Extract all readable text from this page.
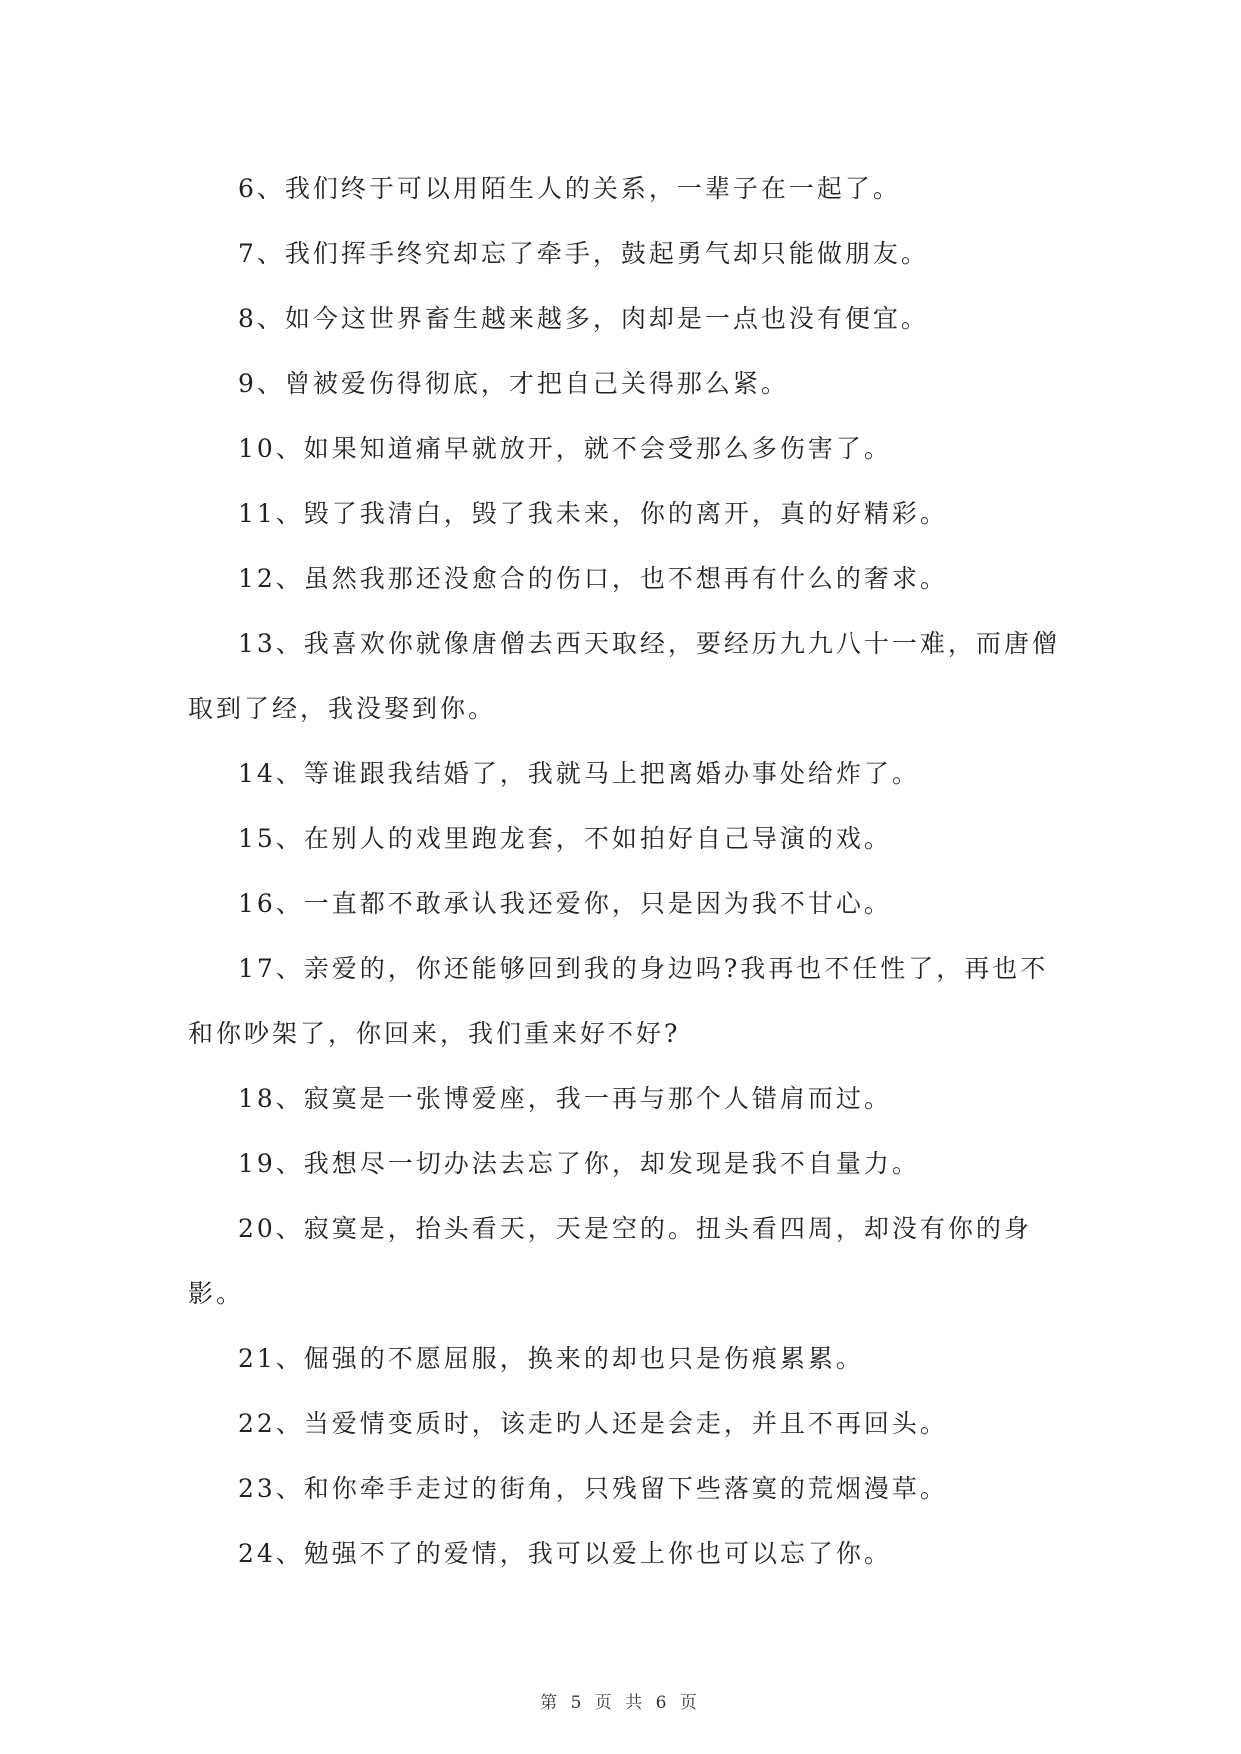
6、我们终于可以用陌生人的关系，一辈子在一起了。

7、我们挥手终究却忘了牵手，鼓起勇气却只能做朋友。

8、如今这世界畜生越来越多，肉却是一点也没有便宜。

9、曾被爱伤得彻底，才把自己关得那么紧。

10、如果知道痛早就放开，就不会受那么多伤害了。

11、毁了我清白，毁了我未来，你的离开，真的好精彩。

12、虽然我那还没愈合的伤口，也不想再有什么的奢求。

13、我喜欢你就像唐僧去西天取经，要经历九九八十一难，而唐僧取到了经，我没娶到你。

14、等谁跟我结婚了，我就马上把离婚办事处给炸了。

15、在别人的戏里跑龙套，不如拍好自己导演的戏。

16、一直都不敢承认我还爱你，只是因为我不甘心。

17、亲爱的，你还能够回到我的身边吗?我再也不任性了，再也不和你吵架了，你回来，我们重来好不好?

18、寂寞是一张博爱座，我一再与那个人错肩而过。

19、我想尽一切办法去忘了你，却发现是我不自量力。

20、寂寞是，抬头看天，天是空的。扭头看四周，却没有你的身影。

21、倔强的不愿屈服，换来的却也只是伤痕累累。

22、当爱情变质时，该走旳人还是会走，并且不再回头。

23、和你牵手走过的街角，只残留下些落寞的荒烟漫草。

24、勉强不了的爱情，我可以爱上你也可以忘了你。

第 5 页 共 6 页
